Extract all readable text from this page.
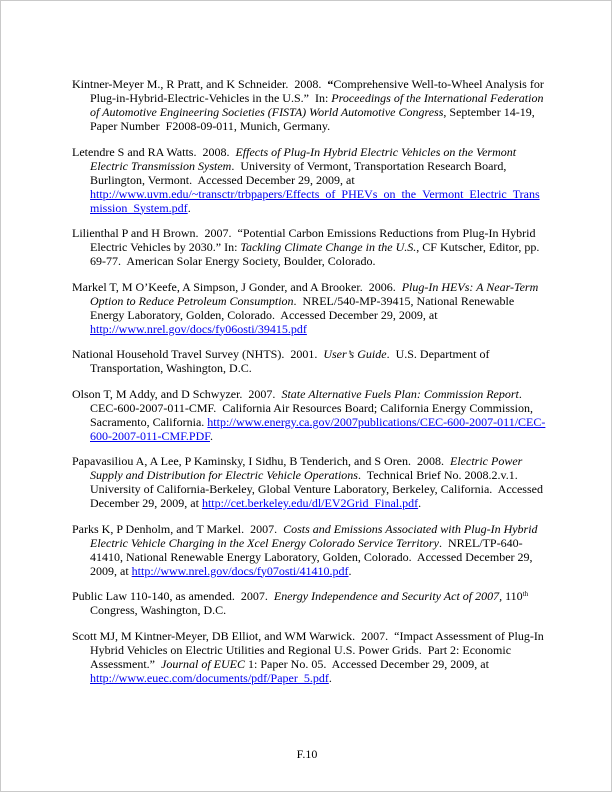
Kintner-Meyer M., R Pratt, and K Schneider.  2008.  “Comprehensive Well-to-Wheel Analysis for Plug-in-Hybrid-Electric-Vehicles in the U.S.”  In: Proceedings of the International Federation of Automotive Engineering Societies (FISTA) World Automotive Congress, September 14-19, Paper Number  F2008-09-011, Munich, Germany.

Letendre S and RA Watts.  2008.  Effects of Plug-In Hybrid Electric Vehicles on the Vermont Electric Transmission System.  University of Vermont, Transportation Research Board, Burlington, Vermont.  Accessed December 29, 2009, at http://www.uvm.edu/~transctr/trbpapers/Effects_of_PHEVs_on_the_Vermont_Electric_Transmission_System.pdf.

Lilienthal P and H Brown.  2007.  “Potential Carbon Emissions Reductions from Plug-In Hybrid Electric Vehicles by 2030.” In: Tackling Climate Change in the U.S., CF Kutscher, Editor, pp. 69-77.  American Solar Energy Society, Boulder, Colorado.

Markel T, M O’Keefe, A Simpson, J Gonder, and A Brooker.  2006.  Plug-In HEVs: A Near-Term Option to Reduce Petroleum Consumption.  NREL/540-MP-39415, National Renewable Energy Laboratory, Golden, Colorado.  Accessed December 29, 2009, at http://www.nrel.gov/docs/fy06osti/39415.pdf

National Household Travel Survey (NHTS).  2001.  User’s Guide.  U.S. Department of Transportation, Washington, D.C.

Olson T, M Addy, and D Schwyzer.  2007.  State Alternative Fuels Plan: Commission Report. CEC-600-2007-011-CMF.  California Air Resources Board; California Energy Commission, Sacramento, California. http://www.energy.ca.gov/2007publications/CEC-600-2007-011/CEC-600-2007-011-CMF.PDF.

Papavasiliou A, A Lee, P Kaminsky, I Sidhu, B Tenderich, and S Oren.  2008.  Electric Power Supply and Distribution for Electric Vehicle Operations.  Technical Brief No. 2008.2.v.1.  University of California-Berkeley, Global Venture Laboratory, Berkeley, California.  Accessed December 29, 2009, at http://cet.berkeley.edu/dl/EV2Grid_Final.pdf.

Parks K, P Denholm, and T Markel.  2007.  Costs and Emissions Associated with Plug-In Hybrid Electric Vehicle Charging in the Xcel Energy Colorado Service Territory.  NREL/TP-640-41410, National Renewable Energy Laboratory, Golden, Colorado.  Accessed December 29, 2009, at http://www.nrel.gov/docs/fy07osti/41410.pdf.

Public Law 110-140, as amended.  2007.  Energy Independence and Security Act of 2007, 110th Congress, Washington, D.C.

Scott MJ, M Kintner-Meyer, DB Elliot, and WM Warwick.  2007.  “Impact Assessment of Plug-In Hybrid Vehicles on Electric Utilities and Regional U.S. Power Grids.  Part 2: Economic Assessment.”  Journal of EUEC 1: Paper No. 05.  Accessed December 29, 2009, at http://www.euec.com/documents/pdf/Paper_5.pdf.

F.10
